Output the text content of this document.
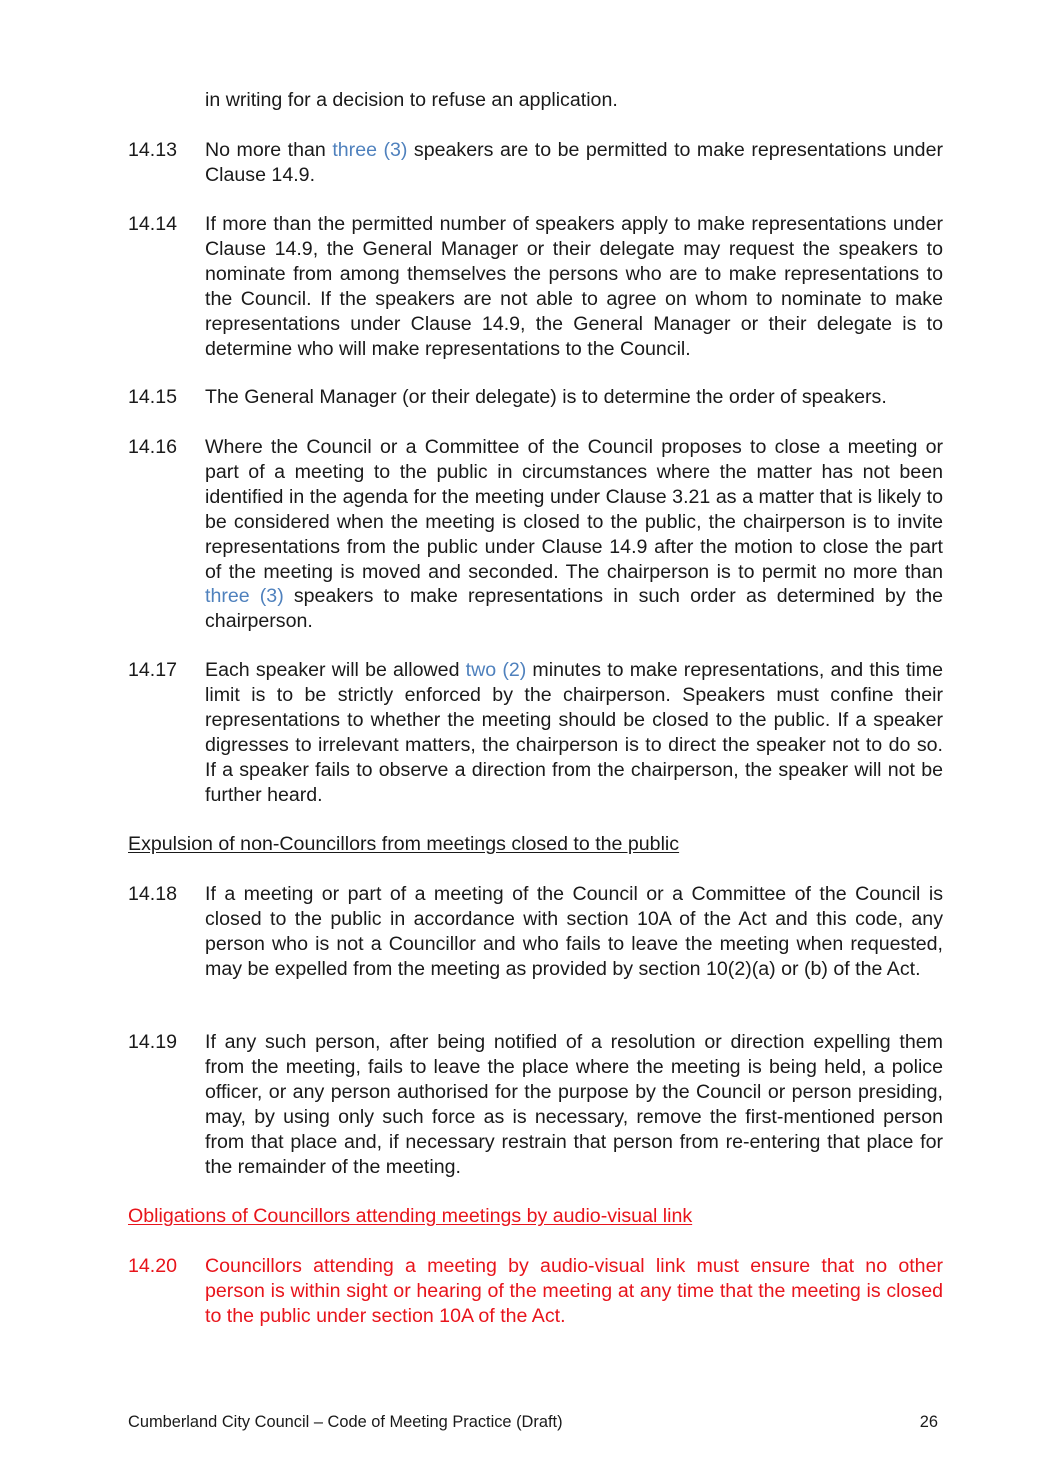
in writing for a decision to refuse an application.
14.13	No more than three (3) speakers are to be permitted to make representations under Clause 14.9.
14.14	If more than the permitted number of speakers apply to make representations under Clause 14.9, the General Manager or their delegate may request the speakers to nominate from among themselves the persons who are to make representations to the Council. If the speakers are not able to agree on whom to nominate to make representations under Clause 14.9, the General Manager or their delegate is to determine who will make representations to the Council.
14.15	The General Manager (or their delegate) is to determine the order of speakers.
14.16	Where the Council or a Committee of the Council proposes to close a meeting or part of a meeting to the public in circumstances where the matter has not been identified in the agenda for the meeting under Clause 3.21 as a matter that is likely to be considered when the meeting is closed to the public, the chairperson is to invite representations from the public under Clause 14.9 after the motion to close the part of the meeting is moved and seconded. The chairperson is to permit no more than three (3) speakers to make representations in such order as determined by the chairperson.
14.17	Each speaker will be allowed two (2) minutes to make representations, and this time limit is to be strictly enforced by the chairperson. Speakers must confine their representations to whether the meeting should be closed to the public. If a speaker digresses to irrelevant matters, the chairperson is to direct the speaker not to do so. If a speaker fails to observe a direction from the chairperson, the speaker will not be further heard.
Expulsion of non-Councillors from meetings closed to the public
14.18	If a meeting or part of a meeting of the Council or a Committee of the Council is closed to the public in accordance with section 10A of the Act and this code, any person who is not a Councillor and who fails to leave the meeting when requested, may be expelled from the meeting as provided by section 10(2)(a) or (b) of the Act.
14.19	If any such person, after being notified of a resolution or direction expelling them from the meeting, fails to leave the place where the meeting is being held, a police officer, or any person authorised for the purpose by the Council or person presiding, may, by using only such force as is necessary, remove the first-mentioned person from that place and, if necessary restrain that person from re-entering that place for the remainder of the meeting.
Obligations of Councillors attending meetings by audio-visual link
14.20	Councillors attending a meeting by audio-visual link must ensure that no other person is within sight or hearing of the meeting at any time that the meeting is closed to the public under section 10A of the Act.
Cumberland City Council – Code of Meeting Practice (Draft)	26
